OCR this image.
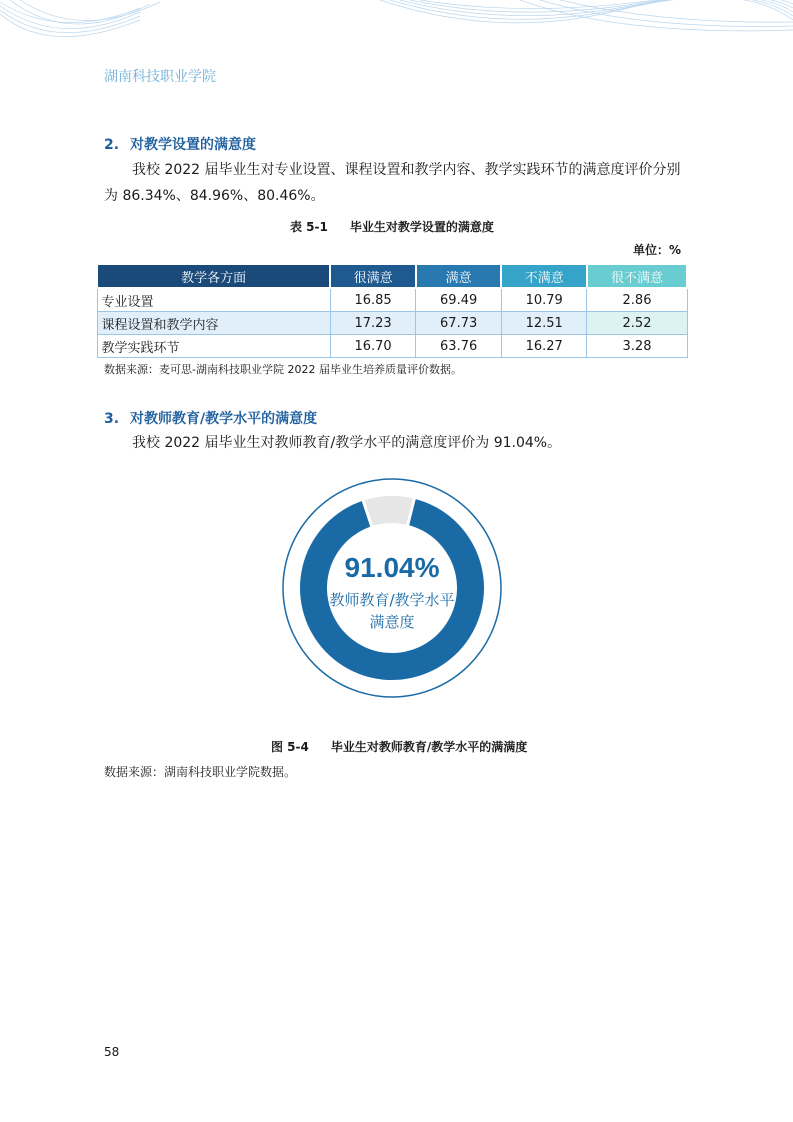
湖南科技职业学院
2. 对教学设置的满意度
我校 2022 届毕业生对专业设置、课程设置和教学内容、教学实践环节的满意度评价分别为 86.34%、84.96%、80.46%。
表 5-1 毕业生对教学设置的满意度
单位：%
教学各方面	很满意	满意	不满意	很不满意
专业设置	16.85	69.49	10.79	2.86
课程设置和教学内容	17.23	67.73	12.51	2.52
教学实践环节	16.70	63.76	16.27	3.28
数据来源：麦可思-湖南科技职业学院 2022 届毕业生培养质量评价数据。
3. 对教师教育/教学水平的满意度
我校 2022 届毕业生对教师教育/教学水平的满意度评价为 91.04%。
91.04%
教师教育/教学水平
满意度
图 5-4 毕业生对教师教育/教学水平的满满度
数据来源：湖南科技职业学院数据。
58
